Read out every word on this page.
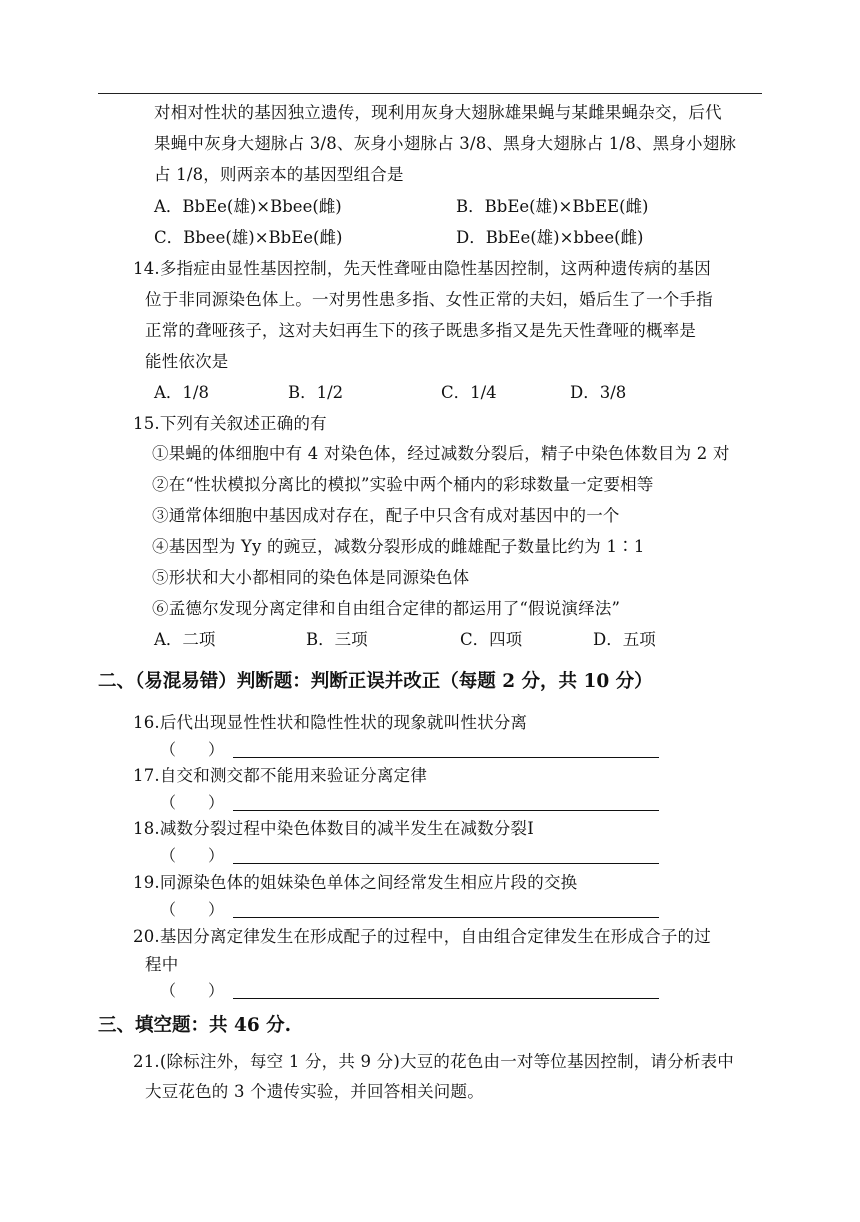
对相对性状的基因独立遗传，现利用灰身大翅脉雄果蝇与某雌果蝇杂交，后代
果蝇中灰身大翅脉占 3/8、灰身小翅脉占 3/8、黑身大翅脉占 1/8、黑身小翅脉
占 1/8，则两亲本的基因型组合是
A．BbEe(雄)×Bbee(雌)	B．BbEe(雄)×BbEE(雌)
C．Bbee(雄)×BbEe(雌)	D．BbEe(雄)×bbee(雌)
14.多指症由显性基因控制，先天性聋哑由隐性基因控制，这两种遗传病的基因
位于非同源染色体上。一对男性患多指、女性正常的夫妇，婚后生了一个手指
正常的聋哑孩子，这对夫妇再生下的孩子既患多指又是先天性聋哑的概率是
能性依次是
A．1/8	B．1/2	C．1/4	D．3/8
15.下列有关叙述正确的有
①果蝇的体细胞中有 4 对染色体，经过减数分裂后，精子中染色体数目为 2 对
②在“性状模拟分离比的模拟”实验中两个桶内的彩球数量一定要相等
③通常体细胞中基因成对存在，配子中只含有成对基因中的一个
④基因型为 Yy 的豌豆，减数分裂形成的雌雄配子数量比约为 1∶1
⑤形状和大小都相同的染色体是同源染色体
⑥孟德尔发现分离定律和自由组合定律的都运用了“假说演绎法”
A．二项	B．三项	C．四项	D．五项
二、（易混易错）判断题：判断正误并改正（每题 2 分，共 10 分）
16.后代出现显性性状和隐性性状的现象就叫性状分离
（　　）
17.自交和测交都不能用来验证分离定律
（　　）
18.减数分裂过程中染色体数目的减半发生在减数分裂Ⅰ
（　　）
19.同源染色体的姐妹染色单体之间经常发生相应片段的交换
（　　）
20.基因分离定律发生在形成配子的过程中，自由组合定律发生在形成合子的过
程中
（　　）
三、填空题：共 46 分.
21.(除标注外，每空 1 分，共 9 分)大豆的花色由一对等位基因控制，请分析表中
大豆花色的 3 个遗传实验，并回答相关问题。
